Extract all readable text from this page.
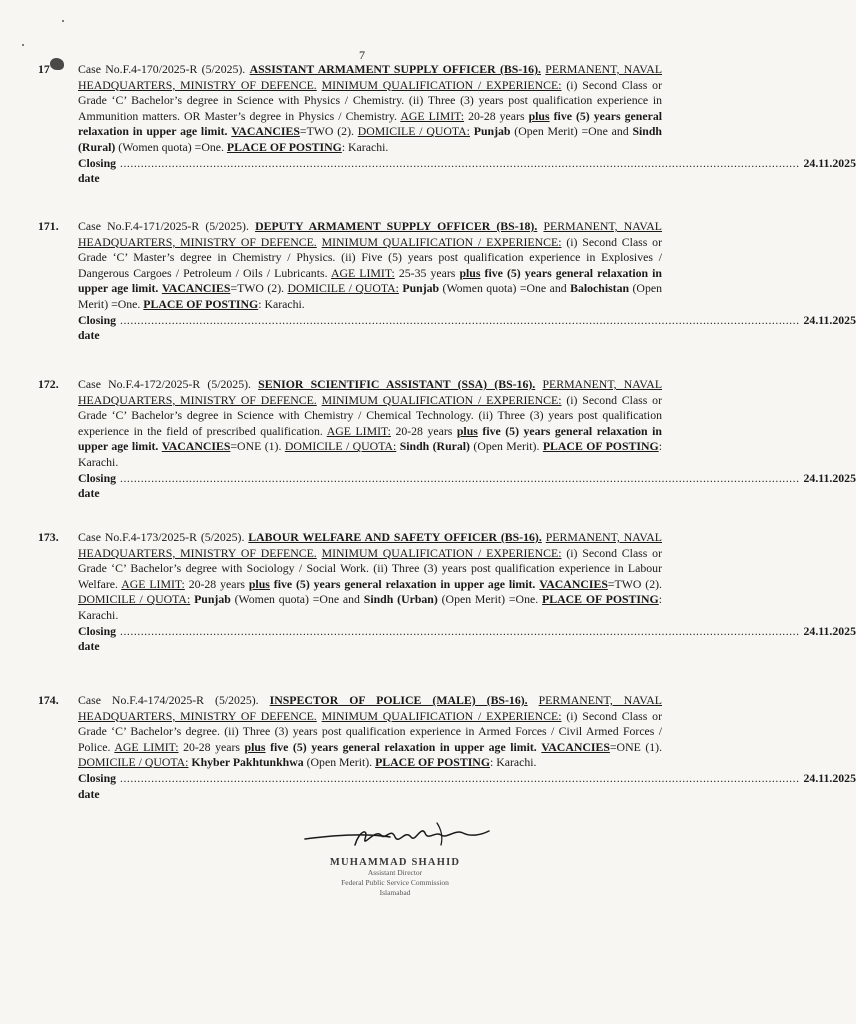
7
17	Case No.F.4-170/2025-R (5/2025). ASSISTANT ARMAMENT SUPPLY OFFICER (BS-16). PERMANENT, NAVAL HEADQUARTERS, MINISTRY OF DEFENCE. MINIMUM QUALIFICATION / EXPERIENCE: (i) Second Class or Grade ‘C’ Bachelor’s degree in Science with Physics / Chemistry. (ii) Three (3) years post qualification experience in Ammunition matters. OR Master’s degree in Physics / Chemistry. AGE LIMIT: 20-28 years plus five (5) years general relaxation in upper age limit. VACANCIES=TWO (2). DOMICILE / QUOTA: Punjab (Open Merit) =One and Sindh (Rural) (Women quota) =One. PLACE OF POSTING: Karachi.
Closing date
..................................................................................................................................................................................................... 24.11.2025
171.	Case No.F.4-171/2025-R (5/2025). DEPUTY ARMAMENT SUPPLY OFFICER (BS-18). PERMANENT, NAVAL HEADQUARTERS, MINISTRY OF DEFENCE. MINIMUM QUALIFICATION / EXPERIENCE: (i) Second Class or Grade ‘C’ Master’s degree in Chemistry / Physics. (ii) Five (5) years post qualification experience in Explosives / Dangerous Cargoes / Petroleum / Oils / Lubricants. AGE LIMIT: 25-35 years plus five (5) years general relaxation in upper age limit. VACANCIES=TWO (2). DOMICILE / QUOTA: Punjab (Women quota) =One and Balochistan (Open Merit) =One. PLACE OF POSTING: Karachi.
Closing date
..................................................................................................................................................................................................... 24.11.2025
172.	Case No.F.4-172/2025-R (5/2025). SENIOR SCIENTIFIC ASSISTANT (SSA) (BS-16). PERMANENT, NAVAL HEADQUARTERS, MINISTRY OF DEFENCE. MINIMUM QUALIFICATION / EXPERIENCE: (i) Second Class or Grade ‘C’ Bachelor’s degree in Science with Chemistry / Chemical Technology. (ii) Three (3) years post qualification experience in the field of prescribed qualification. AGE LIMIT: 20-28 years plus five (5) years general relaxation in upper age limit. VACANCIES=ONE (1). DOMICILE / QUOTA: Sindh (Rural) (Open Merit). PLACE OF POSTING: Karachi.
Closing date
..................................................................................................................................................................................................... 24.11.2025
173.	Case No.F.4-173/2025-R (5/2025). LABOUR WELFARE AND SAFETY OFFICER (BS-16). PERMANENT, NAVAL HEADQUARTERS, MINISTRY OF DEFENCE. MINIMUM QUALIFICATION / EXPERIENCE: (i) Second Class or Grade ‘C’ Bachelor’s degree with Sociology / Social Work. (ii) Three (3) years post qualification experience in Labour Welfare. AGE LIMIT: 20-28 years plus five (5) years general relaxation in upper age limit. VACANCIES=TWO (2). DOMICILE / QUOTA: Punjab (Women quota) =One and Sindh (Urban) (Open Merit) =One. PLACE OF POSTING: Karachi.
Closing date
..................................................................................................................................................................................................... 24.11.2025
174.	Case No.F.4-174/2025-R (5/2025). INSPECTOR OF POLICE (MALE) (BS-16). PERMANENT, NAVAL HEADQUARTERS, MINISTRY OF DEFENCE. MINIMUM QUALIFICATION / EXPERIENCE: (i) Second Class or Grade ‘C’ Bachelor’s degree. (ii) Three (3) years post qualification experience in Armed Forces / Civil Armed Forces / Police. AGE LIMIT: 20-28 years plus five (5) years general relaxation in upper age limit. VACANCIES=ONE (1). DOMICILE / QUOTA: Khyber Pakhtunkhwa (Open Merit). PLACE OF POSTING: Karachi.
Closing date
..................................................................................................................................................................................................... 24.11.2025
MUHAMMAD SHAHID
Assistant Director
Federal Public Service Commission
Islamabad
